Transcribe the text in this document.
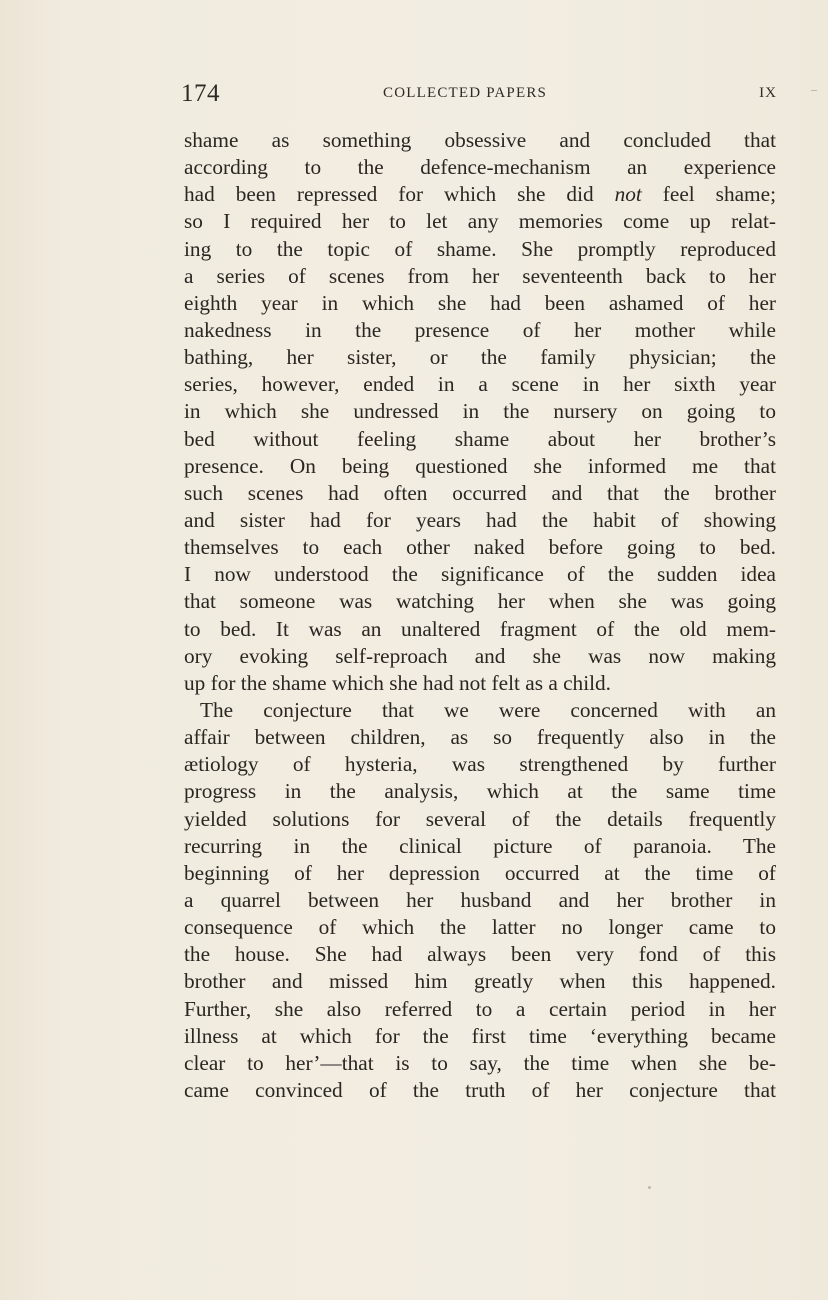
174	COLLECTED PAPERS	IX
shame as something obsessive and concluded that
according to the defence-mechanism an experience
had been repressed for which she did not feel shame;
so I required her to let any memories come up relat-
ing to the topic of shame. She promptly reproduced
a series of scenes from her seventeenth back to her
eighth year in which she had been ashamed of her
nakedness in the presence of her mother while
bathing, her sister, or the family physician; the
series, however, ended in a scene in her sixth year
in which she undressed in the nursery on going to
bed without feeling shame about her brother’s
presence. On being questioned she informed me that
such scenes had often occurred and that the brother
and sister had for years had the habit of showing
themselves to each other naked before going to bed.
I now understood the significance of the sudden idea
that someone was watching her when she was going
to bed. It was an unaltered fragment of the old mem-
ory evoking self-reproach and she was now making
up for the shame which she had not felt as a child.
The conjecture that we were concerned with an
affair between children, as so frequently also in the
ætiology of hysteria, was strengthened by further
progress in the analysis, which at the same time
yielded solutions for several of the details frequently
recurring in the clinical picture of paranoia. The
beginning of her depression occurred at the time of
a quarrel between her husband and her brother in
consequence of which the latter no longer came to
the house. She had always been very fond of this
brother and missed him greatly when this happened.
Further, she also referred to a certain period in her
illness at which for the first time ‘everything became
clear to her’—that is to say, the time when she be-
came convinced of the truth of her conjecture that
